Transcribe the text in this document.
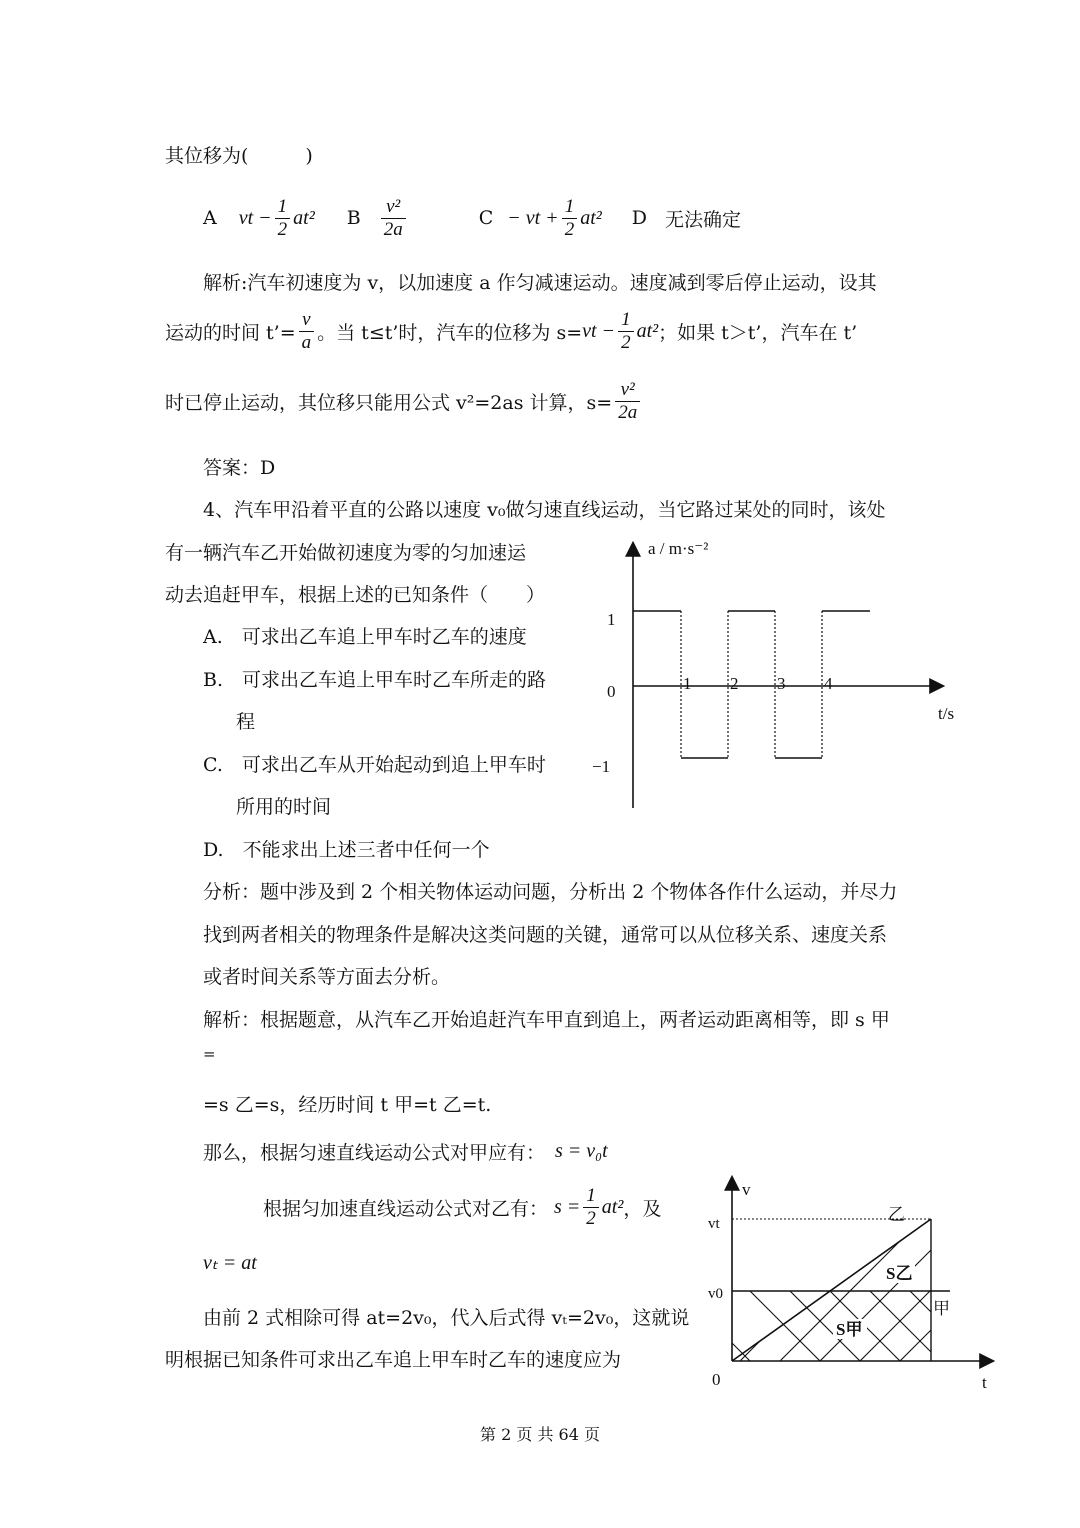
其位移为(　　　)
A vt − $\frac{1}{2} at^2$ B $\frac{\text{v²}}{2a}$	C − vt + $\frac{1}{2} at^2$ D 无法确定
解析:汽车初速度为 v，以加速度 a 作匀减速运动。速度减到零后停止运动，设其
运动的时间 t’= $\frac{v}{a}$ 。当 t≤t’时，汽车的位移为 s= vt − $\frac{1}{2} at^2$ ；如果 t＞t’，汽车在 t’
时已停止运动，其位移只能用公式 v²=2as 计算，$s= \frac{\text{v²}}{2a}$
答案：D
4、汽车甲沿着平直的公路以速度 v₀做匀速直线运动，当它路过某处的同时，该处
有一辆汽车乙开始做初速度为零的匀加速运
动去追赶甲车，根据上述的已知条件（　　）
A.　可求出乙车追上甲车时乙车的速度
B.　可求出乙车追上甲车时乙车所走的路
程
C.　可求出乙车从开始起动到追上甲车时
所用的时间
D.　不能求出上述三者中任何一个
a / m·s⁻²
t/s
1
0
−1
1 2 3 4
分析：题中涉及到 2 个相关物体运动问题，分析出 2 个物体各作什么运动，并尽力
找到两者相关的物理条件是解决这类问题的关键，通常可以从位移关系、速度关系
或者时间关系等方面去分析。
解析：根据题意，从汽车乙开始追赶汽车甲直到追上，两者运动距离相等，即 s 甲
=
=s 乙=s，经历时间 t 甲=t 乙=t.
那么，根据匀速直线运动公式对甲应有： s = v₀t
根据匀加速直线运动公式对乙有： $s = \frac{1}{2} at^2$ ，及
vₜ = at
由前 2 式相除可得 at=2v₀，代入后式得 vₜ=2v₀，这就说
明根据已知条件可求出乙车追上甲车时乙车的速度应为
v
t
0
vt
v0
乙
甲
S乙
S甲
第 2 页 共 64 页
